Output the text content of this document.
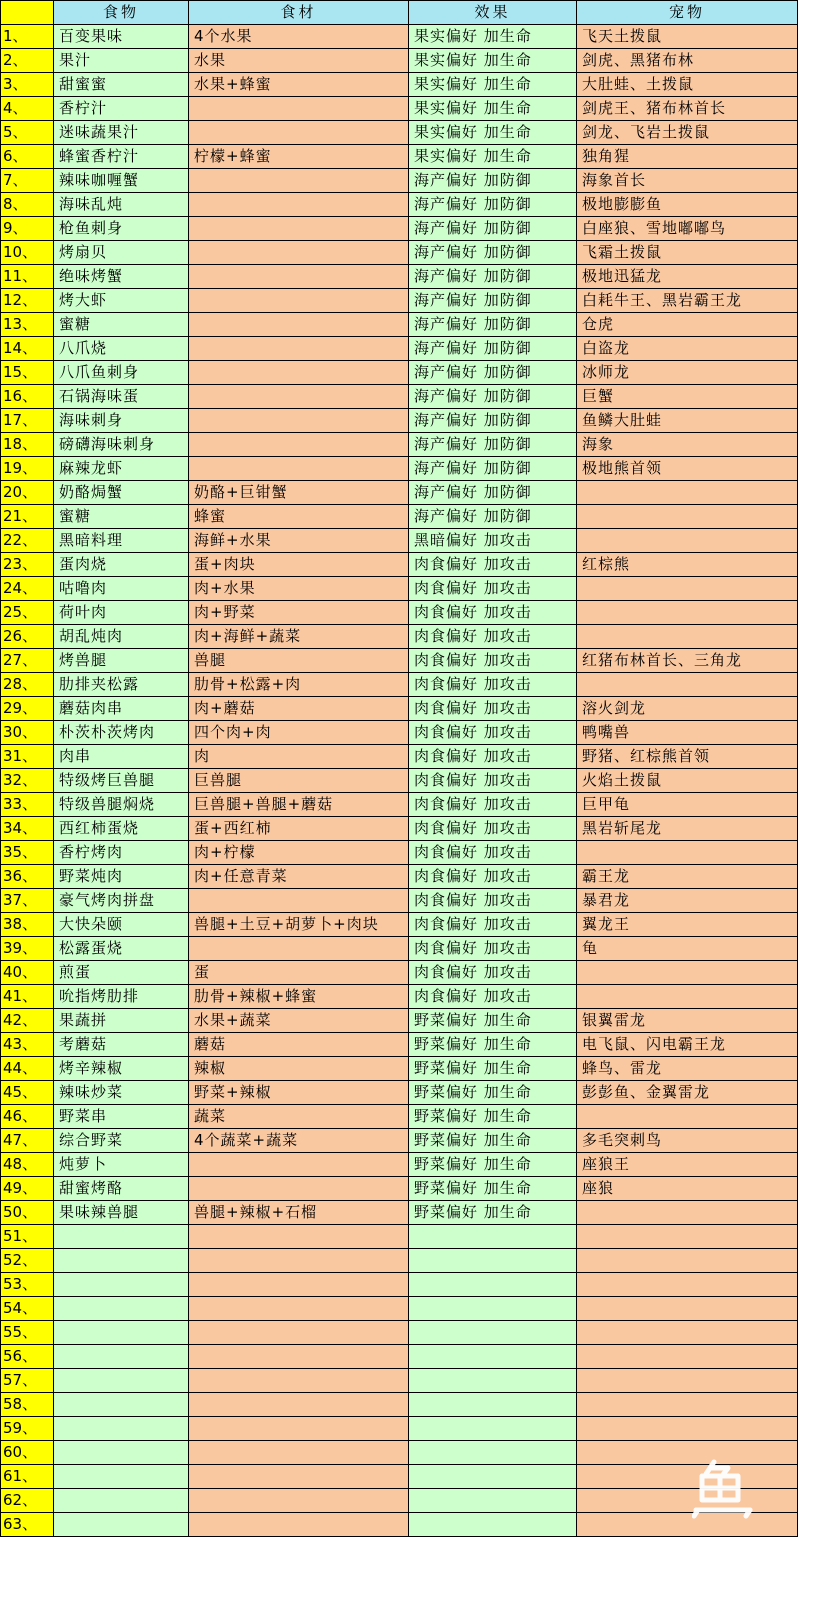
	食物	食材	效果	宠物
1、	百变果味	4个水果	果实偏好 加生命	飞天土拨鼠
2、	果汁	水果	果实偏好 加生命	剑虎、黑猪布林
3、	甜蜜蜜	水果+蜂蜜	果实偏好 加生命	大肚蛙、土拨鼠
4、	香柠汁		果实偏好 加生命	剑虎王、猪布林首长
5、	迷味蔬果汁		果实偏好 加生命	剑龙、飞岩土拨鼠
6、	蜂蜜香柠汁	柠檬+蜂蜜	果实偏好 加生命	独角猩
7、	辣味咖喱蟹		海产偏好 加防御	海象首长
8、	海味乱炖		海产偏好 加防御	极地膨膨鱼
9、	枪鱼刺身		海产偏好 加防御	白座狼、雪地嘟嘟鸟
10、	烤扇贝		海产偏好 加防御	飞霜土拨鼠
11、	绝味烤蟹		海产偏好 加防御	极地迅猛龙
12、	烤大虾		海产偏好 加防御	白耗牛王、黑岩霸王龙
13、	蜜糖		海产偏好 加防御	仓虎
14、	八爪烧		海产偏好 加防御	白盗龙
15、	八爪鱼刺身		海产偏好 加防御	冰师龙
16、	石锅海味蛋		海产偏好 加防御	巨蟹
17、	海味刺身		海产偏好 加防御	鱼鳞大肚蛙
18、	磅礴海味刺身		海产偏好 加防御	海象
19、	麻辣龙虾		海产偏好 加防御	极地熊首领
20、	奶酪焗蟹	奶酪+巨钳蟹	海产偏好 加防御	
21、	蜜糖	蜂蜜	海产偏好 加防御	
22、	黑暗料理	海鲜+水果	黑暗偏好 加攻击	
23、	蛋肉烧	蛋+肉块	肉食偏好 加攻击	红棕熊
24、	咕噜肉	肉+水果	肉食偏好 加攻击	
25、	荷叶肉	肉+野菜	肉食偏好 加攻击	
26、	胡乱炖肉	肉+海鲜+蔬菜	肉食偏好 加攻击	
27、	烤兽腿	兽腿	肉食偏好 加攻击	红猪布林首长、三角龙
28、	肋排夹松露	肋骨+松露+肉	肉食偏好 加攻击	
29、	蘑菇肉串	肉+蘑菇	肉食偏好 加攻击	溶火剑龙
30、	朴茨朴茨烤肉	四个肉+肉	肉食偏好 加攻击	鸭嘴兽
31、	肉串	肉	肉食偏好 加攻击	野猪、红棕熊首领
32、	特级烤巨兽腿	巨兽腿	肉食偏好 加攻击	火焰土拨鼠
33、	特级兽腿焖烧	巨兽腿+兽腿+蘑菇	肉食偏好 加攻击	巨甲龟
34、	西红柿蛋烧	蛋+西红柿	肉食偏好 加攻击	黑岩斩尾龙
35、	香柠烤肉	肉+柠檬	肉食偏好 加攻击	
36、	野菜炖肉	肉+任意青菜	肉食偏好 加攻击	霸王龙
37、	豪气烤肉拼盘		肉食偏好 加攻击	暴君龙
38、	大快朵颐	兽腿+土豆+胡萝卜+肉块	肉食偏好 加攻击	翼龙王
39、	松露蛋烧		肉食偏好 加攻击	龟
40、	煎蛋	蛋	肉食偏好 加攻击	
41、	吮指烤肋排	肋骨+辣椒+蜂蜜	肉食偏好 加攻击	
42、	果蔬拼	水果+蔬菜	野菜偏好 加生命	银翼雷龙
43、	考蘑菇	蘑菇	野菜偏好 加生命	电飞鼠、闪电霸王龙
44、	烤辛辣椒	辣椒	野菜偏好 加生命	蜂鸟、雷龙
45、	辣味炒菜	野菜+辣椒	野菜偏好 加生命	彭彭鱼、金翼雷龙
46、	野菜串	蔬菜	野菜偏好 加生命	
47、	综合野菜	4个蔬菜+蔬菜	野菜偏好 加生命	多毛突刺鸟
48、	炖萝卜		野菜偏好 加生命	座狼王
49、	甜蜜烤酪		野菜偏好 加生命	座狼
50、	果味辣兽腿	兽腿+辣椒+石榴	野菜偏好 加生命	
51、				
52、				
53、				
54、				
55、				
56、				
57、				
58、				
59、				
60、				
61、				
62、				
63、				
